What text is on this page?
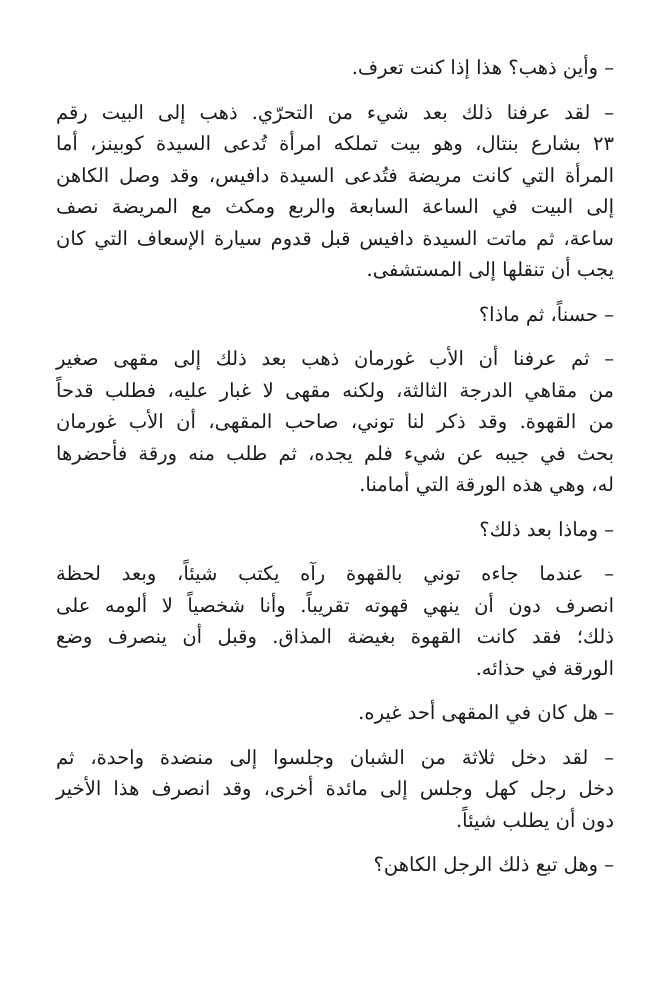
– وأين ذهب؟ هذا إذا كنت تعرف.

– لقد عرفنا ذلك بعد شيء من التحرّي. ذهب إلى البيت رقم
٢٣ بشارع بنتال، وهو بيت تملكه امرأة تُدعى السيدة كوبينز، أما
المرأة التي كانت مريضة فتُدعى السيدة دافيس، وقد وصل الكاهن
إلى البيت في الساعة السابعة والربع ومكث مع المريضة نصف
ساعة، ثم ماتت السيدة دافيس قبل قدوم سيارة الإسعاف التي كان
يجب أن تنقلها إلى المستشفى.

– حسناً، ثم ماذا؟

– ثم عرفنا أن الأب غورمان ذهب بعد ذلك إلى مقهى صغير
من مقاهي الدرجة الثالثة، ولكنه مقهى لا غبار عليه، فطلب قدحاً
من القهوة. وقد ذكر لنا توني، صاحب المقهى، أن الأب غورمان
بحث في جيبه عن شيء فلم يجده، ثم طلب منه ورقة فأحضرها
له، وهي هذه الورقة التي أمامنا.

– وماذا بعد ذلك؟

– عندما جاءه توني بالقهوة رآه يكتب شيئاً، وبعد لحظة
انصرف دون أن ينهي قهوته تقريباً. وأنا شخصياً لا ألومه على
ذلك؛ فقد كانت القهوة بغيضة المذاق. وقبل أن ينصرف وضع
الورقة في حذائه.

– هل كان في المقهى أحد غيره.

– لقد دخل ثلاثة من الشبان وجلسوا إلى منضدة واحدة، ثم
دخل رجل كهل وجلس إلى مائدة أخرى، وقد انصرف هذا الأخير
دون أن يطلب شيئاً.

– وهل تبع ذلك الرجل الكاهن؟
